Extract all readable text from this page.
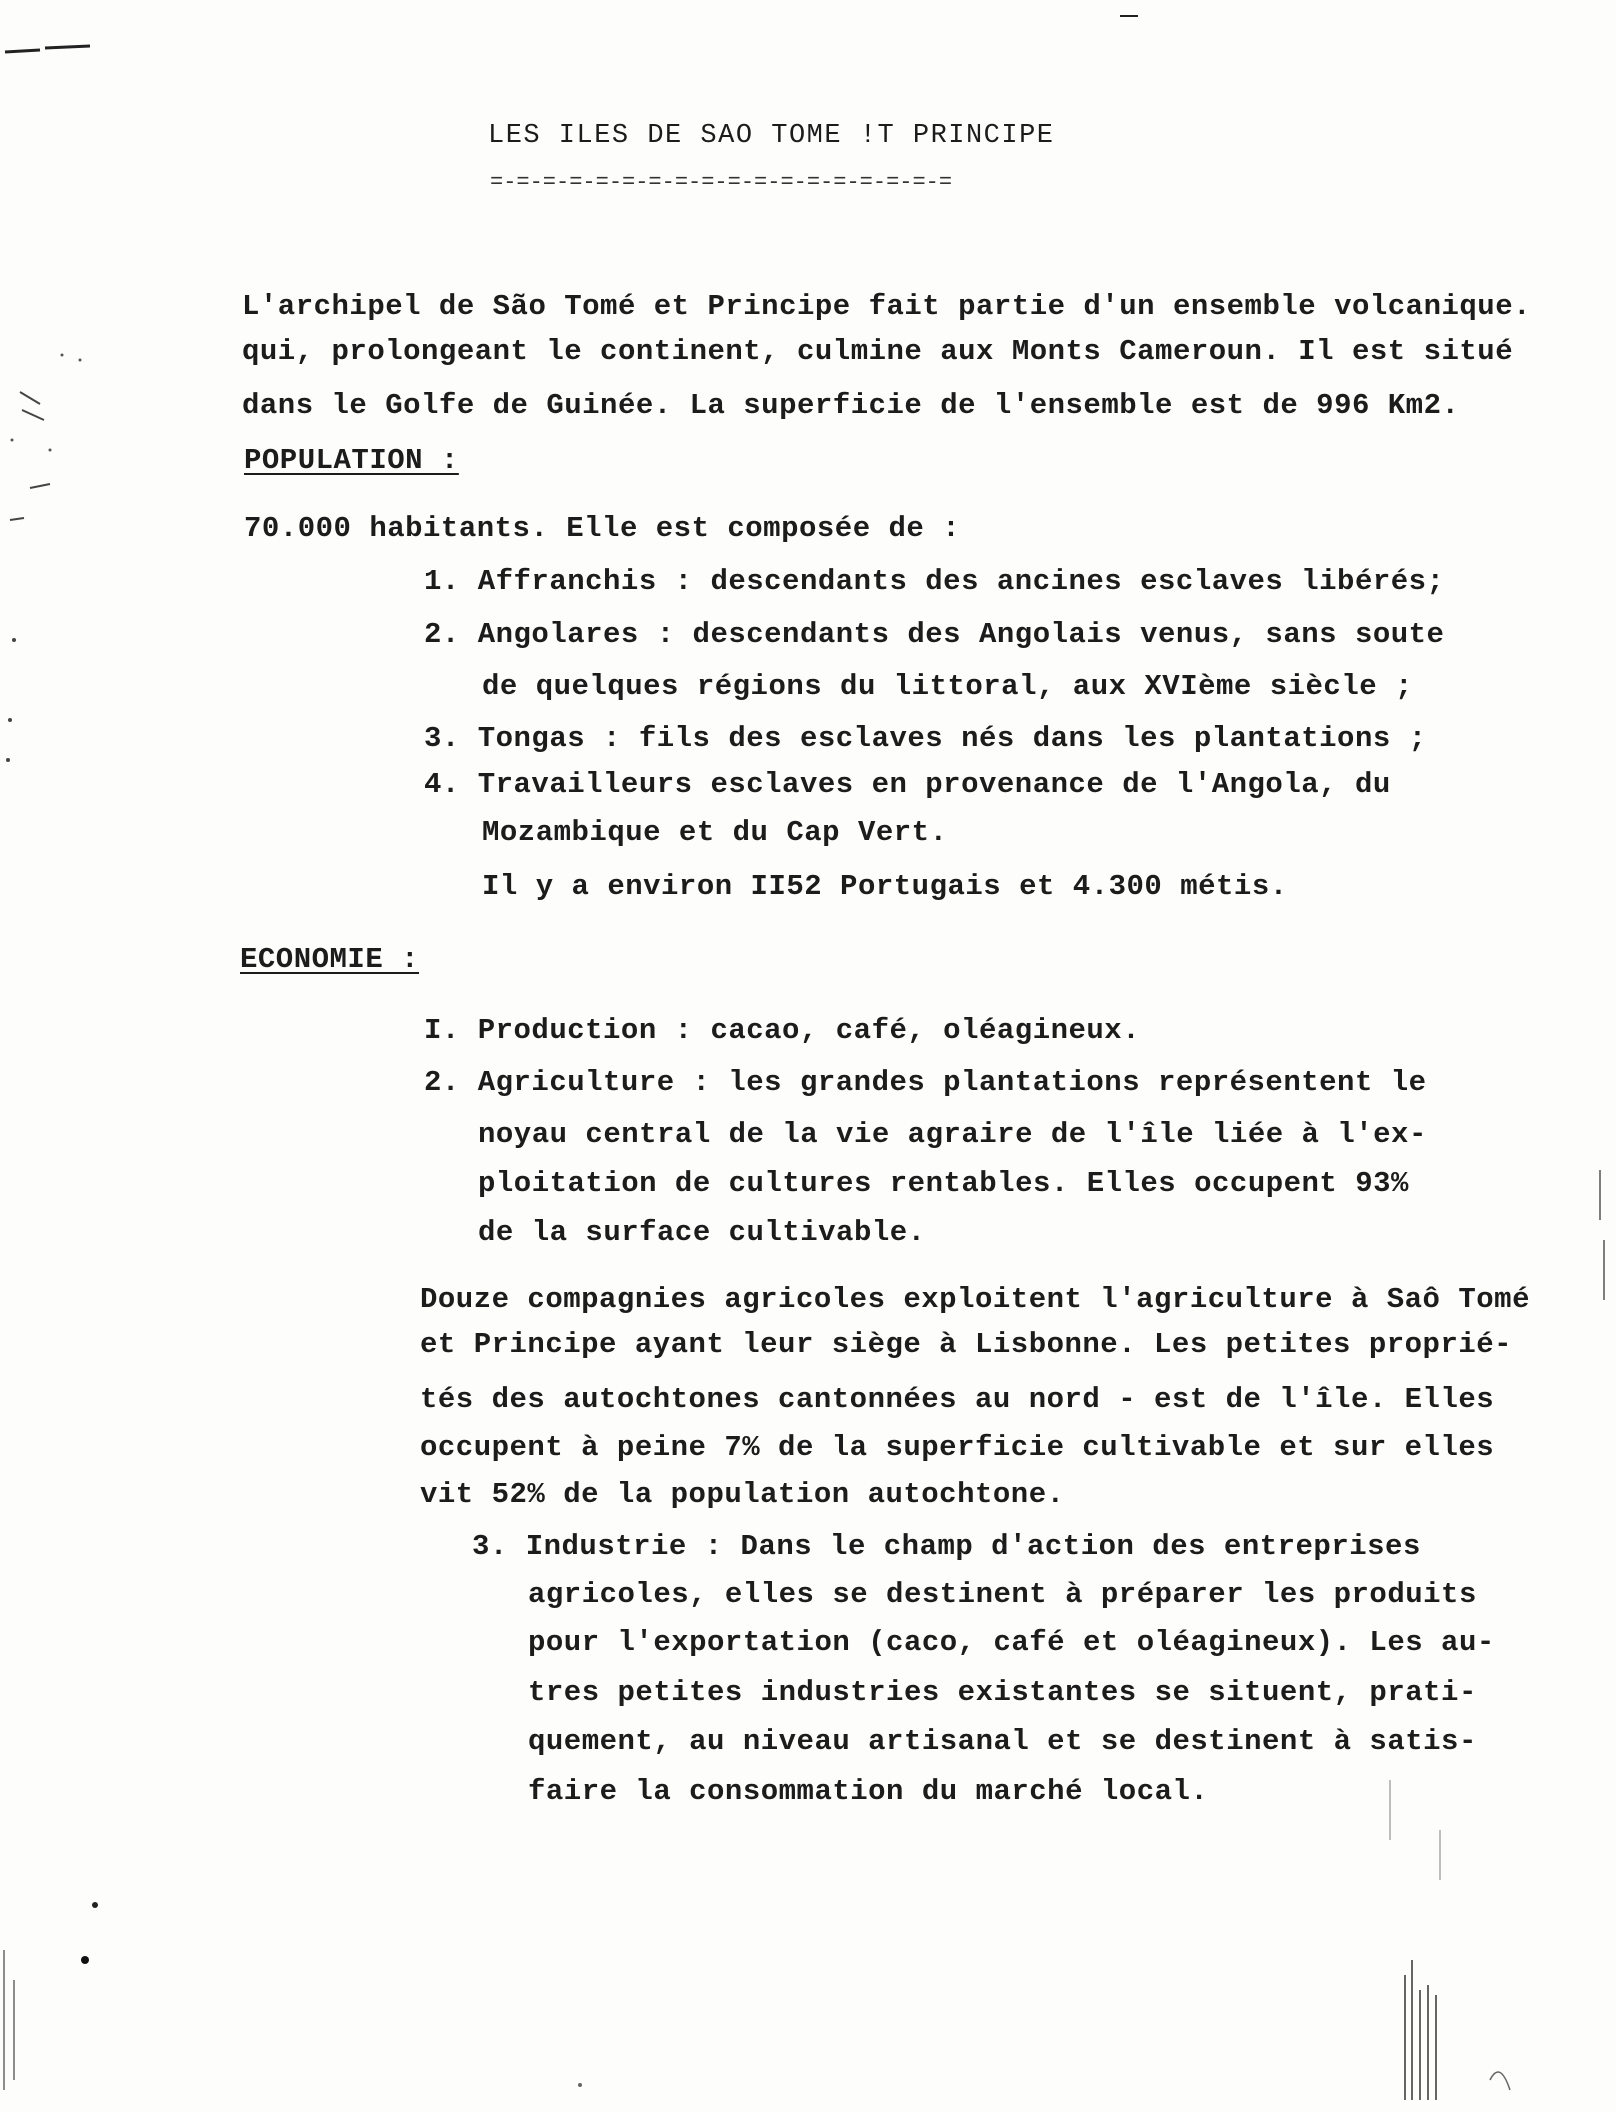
LES ILES DE SAO TOME !T PRINCIPE
=-=-=-=-=-=-=-=-=-=-=-=-=-=-=-=-=-=
L'archipel de São Tomé et Principe fait partie d'un ensemble volcanique.
qui, prolongeant le continent, culmine aux Monts Cameroun. Il est situé
dans le Golfe de Guinée. La superficie de l'ensemble est de 996 Km2.
POPULATION :
70.000 habitants. Elle est composée de :
1. Affranchis : descendants des ancines esclaves libérés;
2. Angolares : descendants des Angolais venus, sans soute
de quelques régions du littoral, aux XVIème siècle ;
3. Tongas : fils des esclaves nés dans les plantations ;
4. Travailleurs esclaves en provenance de l'Angola, du
Mozambique et du Cap Vert.
Il y a environ II52 Portugais et 4.300 métis.
ECONOMIE :
I. Production : cacao, café, oléagineux.
2. Agriculture : les grandes plantations représentent le
noyau central de la vie agraire de l'île liée à l'ex-
ploitation de cultures rentables. Elles occupent 93%
de la surface cultivable.
Douze compagnies agricoles exploitent l'agriculture à Saô Tomé
et Principe ayant leur siège à Lisbonne. Les petites proprié-
tés des autochtones cantonnées au nord - est de l'île. Elles
occupent à peine 7% de la superficie cultivable et sur elles
vit 52% de la population autochtone.
3. Industrie : Dans le champ d'action des entreprises
agricoles, elles se destinent à préparer les produits
pour l'exportation (caco, café et oléagineux). Les au-
tres petites industries existantes se situent, prati-
quement, au niveau artisanal et se destinent à satis-
faire la consommation du marché local.
